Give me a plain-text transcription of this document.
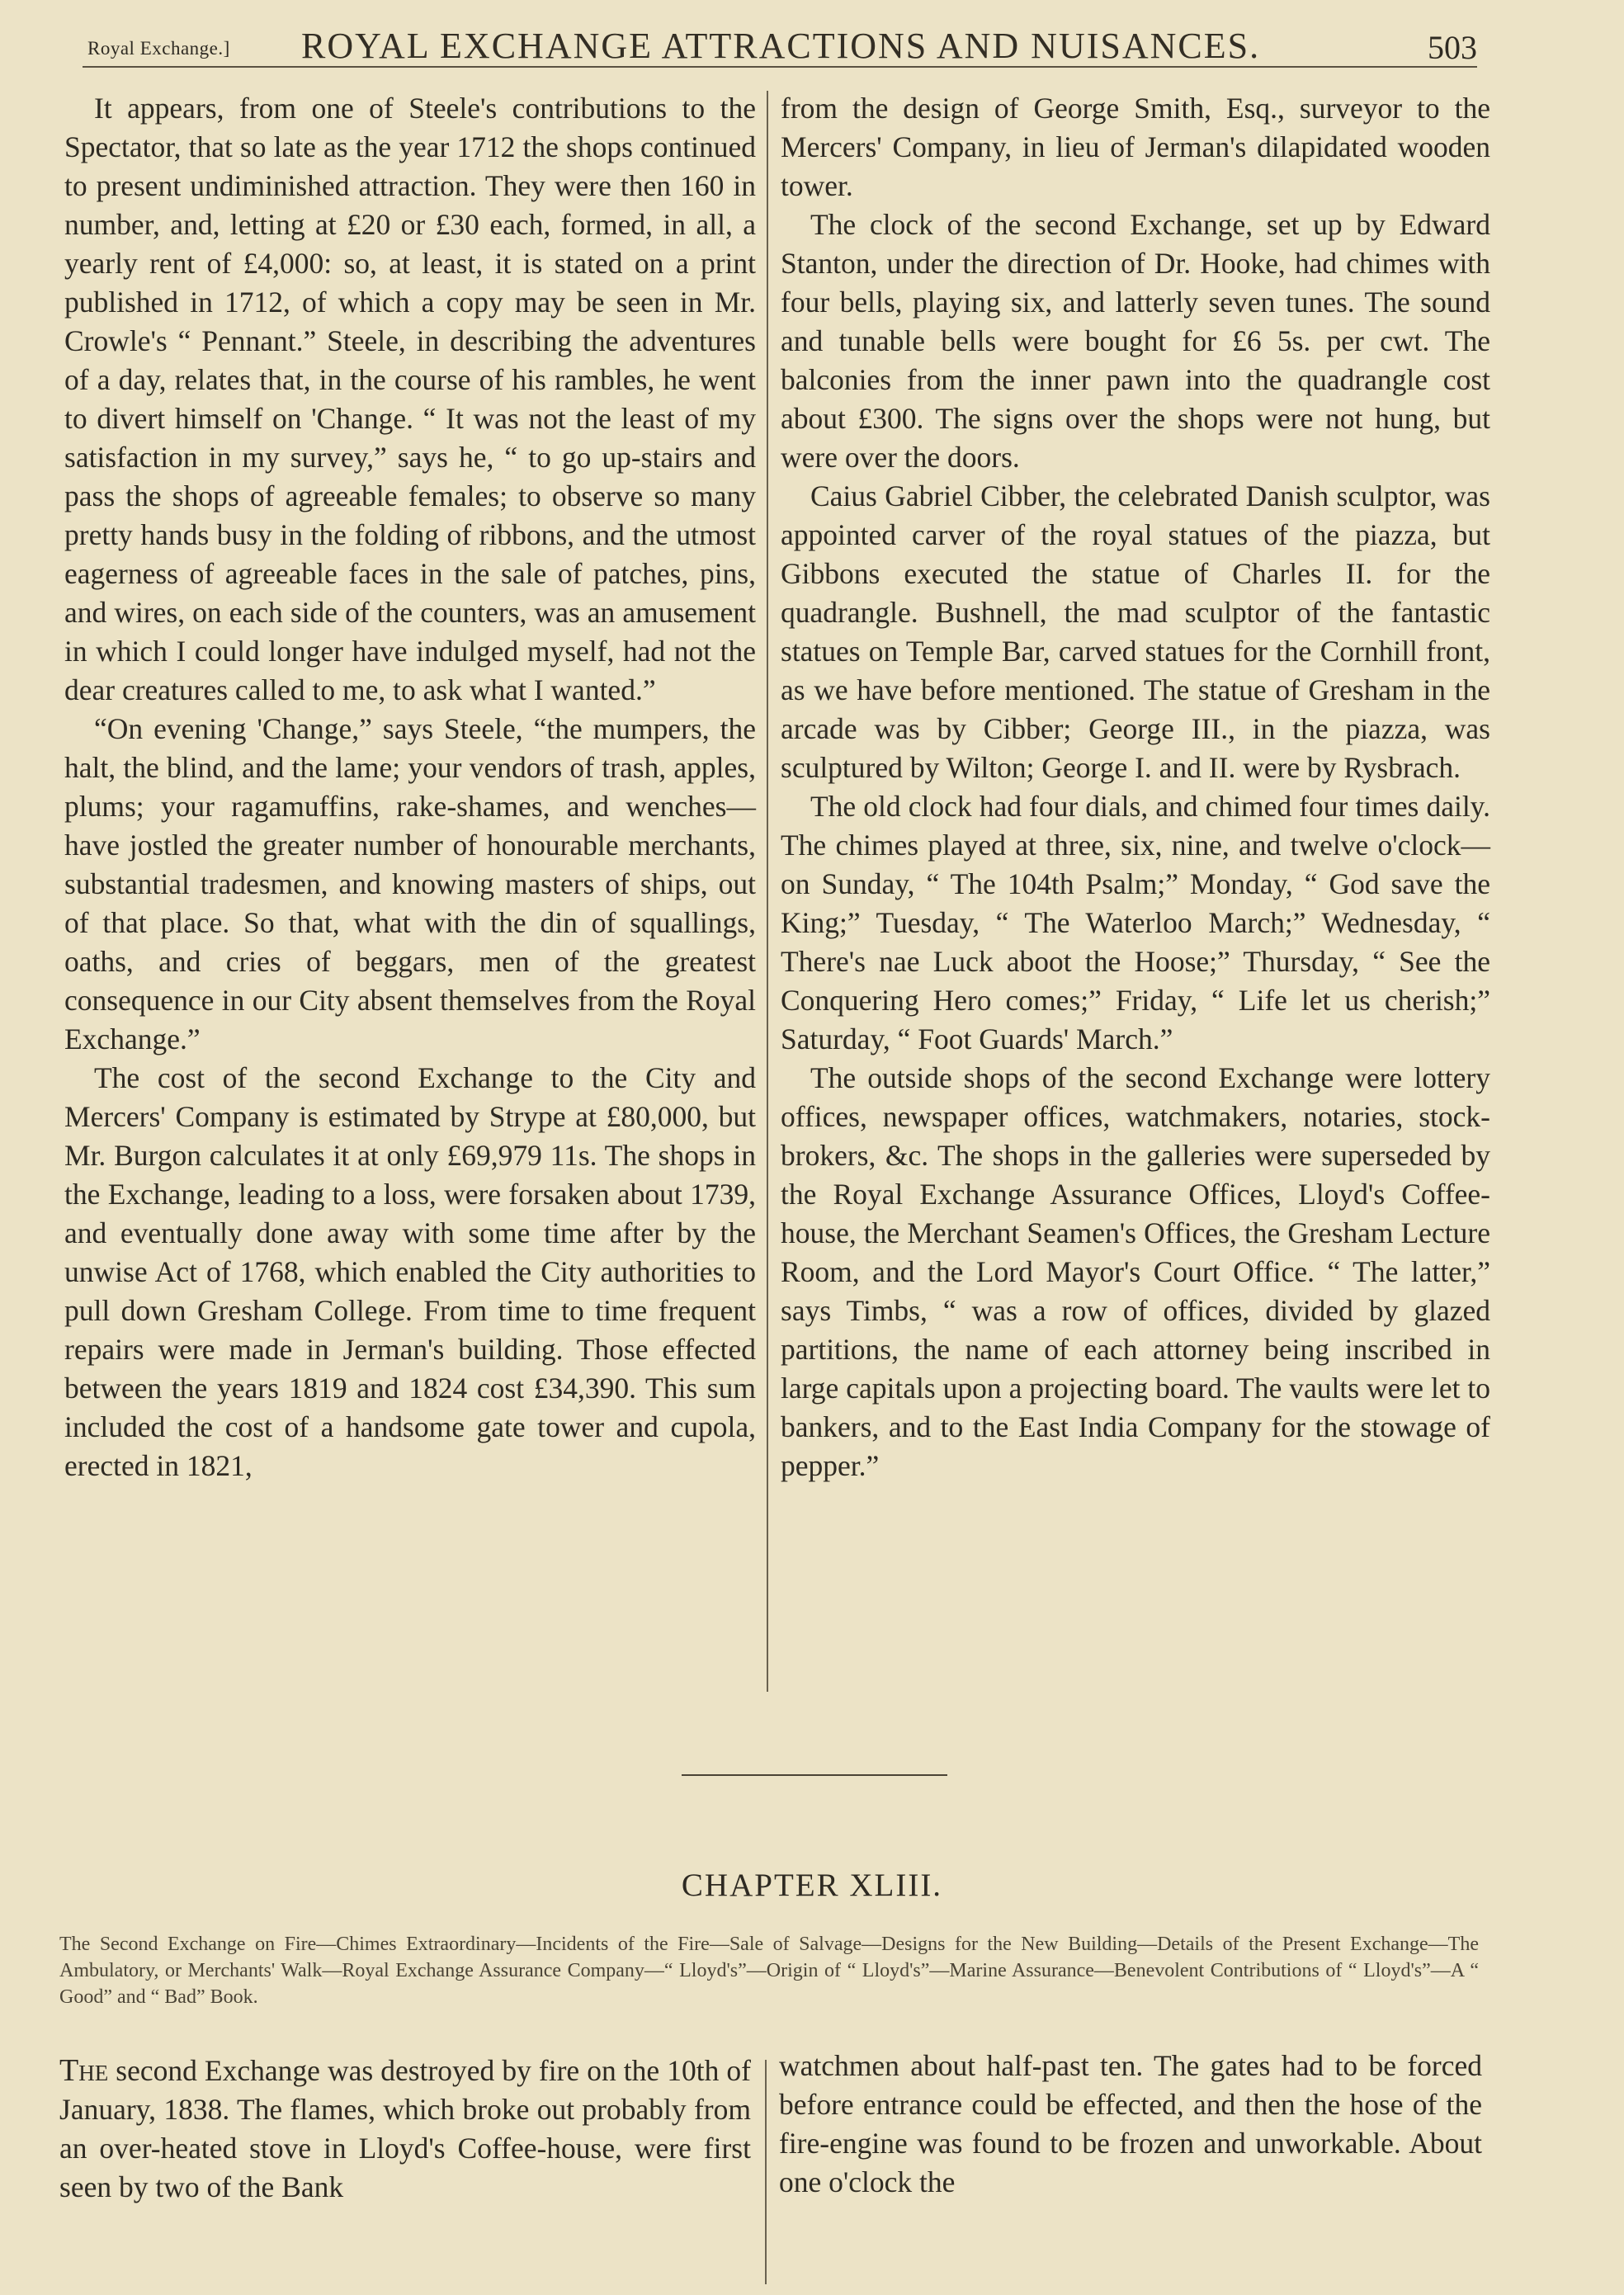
Royal Exchange.] ROYAL EXCHANGE ATTRACTIONS AND NUISANCES.	503

It appears, from one of Steele's contributions to the Spectator, that so late as the year 1712 the shops continued to present undiminished attraction. They were then 160 in number, and, letting at £20 or £30 each, formed, in all, a yearly rent of £4,000: so, at least, it is stated on a print published in 1712, of which a copy may be seen in Mr. Crowle's “ Pennant.” Steele, in describing the adventures of a day, relates that, in the course of his rambles, he went to divert himself on 'Change. “ It was not the least of my satisfaction in my survey,” says he, “ to go up-stairs and pass the shops of agreeable females; to observe so many pretty hands busy in the folding of ribbons, and the utmost eagerness of agreeable faces in the sale of patches, pins, and wires, on each side of the counters, was an amusement in which I could longer have indulged myself, had not the dear creatures called to me, to ask what I wanted.”

“On evening 'Change,” says Steele, “the mumpers, the halt, the blind, and the lame; your vendors of trash, apples, plums; your ragamuffins, rake-shames, and wenches—have jostled the greater number of honourable merchants, substantial tradesmen, and knowing masters of ships, out of that place. So that, what with the din of squallings, oaths, and cries of beggars, men of the greatest consequence in our City absent themselves from the Royal Exchange.”

The cost of the second Exchange to the City and Mercers' Company is estimated by Strype at £80,000, but Mr. Burgon calculates it at only £69,979 11s. The shops in the Exchange, leading to a loss, were forsaken about 1739, and eventually done away with some time after by the unwise Act of 1768, which enabled the City authorities to pull down Gresham College. From time to time frequent repairs were made in Jerman's building. Those effected between the years 1819 and 1824 cost £34,390. This sum included the cost of a handsome gate tower and cupola, erected in 1821,

from the design of George Smith, Esq., surveyor to the Mercers' Company, in lieu of Jerman's dilapidated wooden tower.

The clock of the second Exchange, set up by Edward Stanton, under the direction of Dr. Hooke, had chimes with four bells, playing six, and latterly seven tunes. The sound and tunable bells were bought for £6 5s. per cwt. The balconies from the inner pawn into the quadrangle cost about £300. The signs over the shops were not hung, but were over the doors.

Caius Gabriel Cibber, the celebrated Danish sculptor, was appointed carver of the royal statues of the piazza, but Gibbons executed the statue of Charles II. for the quadrangle. Bushnell, the mad sculptor of the fantastic statues on Temple Bar, carved statues for the Cornhill front, as we have before mentioned. The statue of Gresham in the arcade was by Cibber; George III., in the piazza, was sculptured by Wilton; George I. and II. were by Rysbrach.

The old clock had four dials, and chimed four times daily. The chimes played at three, six, nine, and twelve o'clock—on Sunday, “ The 104th Psalm;” Monday, “ God save the King;” Tuesday, “ The Waterloo March;” Wednesday, “ There's nae Luck aboot the Hoose;” Thursday, “ See the Conquering Hero comes;” Friday, “ Life let us cherish;” Saturday, “ Foot Guards' March.”

The outside shops of the second Exchange were lottery offices, newspaper offices, watchmakers, notaries, stock-brokers, &c. The shops in the galleries were superseded by the Royal Exchange Assurance Offices, Lloyd's Coffee-house, the Merchant Seamen's Offices, the Gresham Lecture Room, and the Lord Mayor's Court Office. “ The latter,” says Timbs, “ was a row of offices, divided by glazed partitions, the name of each attorney being inscribed in large capitals upon a projecting board. The vaults were let to bankers, and to the East India Company for the stowage of pepper.”

CHAPTER XLIII.
The Second Exchange on Fire—Chimes Extraordinary—Incidents of the Fire—Sale of Salvage—Designs for the New Building—Details of the Present Exchange—The Ambulatory, or Merchants' Walk—Royal Exchange Assurance Company—“ Lloyd's”—Origin of “ Lloyd's”—Marine Assurance—Benevolent Contributions of “ Lloyd's”—A “ Good” and “ Bad” Book.

The second Exchange was destroyed by fire on the 10th of January, 1838. The flames, which broke out probably from an over-heated stove in Lloyd's Coffee-house, were first seen by two of the Bank

watchmen about half-past ten. The gates had to be forced before entrance could be effected, and then the hose of the fire-engine was found to be frozen and unworkable. About one o'clock the
